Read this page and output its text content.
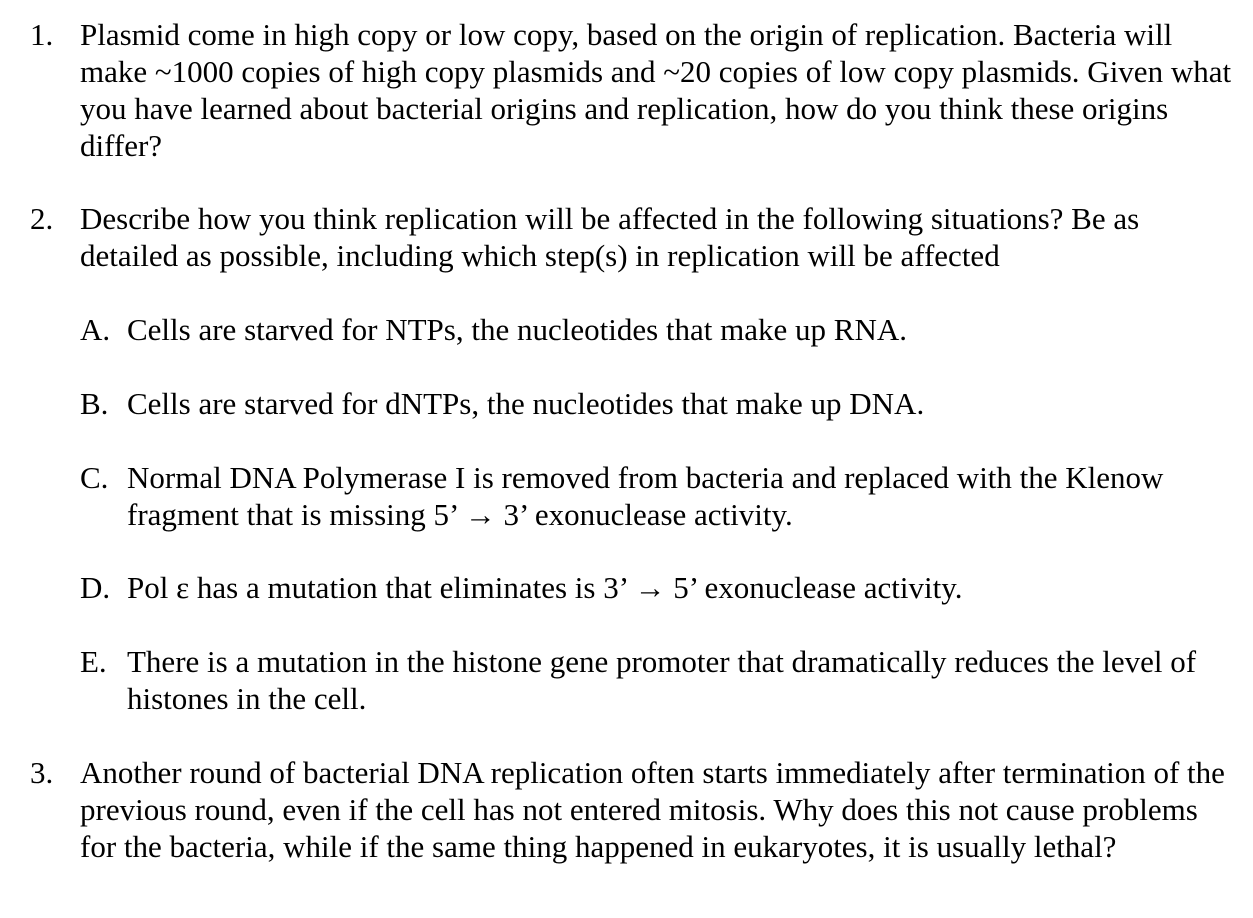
1. Plasmid come in high copy or low copy, based on the origin of replication. Bacteria will make ~1000 copies of high copy plasmids and ~20 copies of low copy plasmids. Given what you have learned about bacterial origins and replication, how do you think these origins differ?
2. Describe how you think replication will be affected in the following situations? Be as detailed as possible, including which step(s) in replication will be affected
A. Cells are starved for NTPs, the nucleotides that make up RNA.
B. Cells are starved for dNTPs, the nucleotides that make up DNA.
C. Normal DNA Polymerase I is removed from bacteria and replaced with the Klenow fragment that is missing 5’ → 3’ exonuclease activity.
D. Pol ε has a mutation that eliminates is 3’ → 5’ exonuclease activity.
E. There is a mutation in the histone gene promoter that dramatically reduces the level of histones in the cell.
3. Another round of bacterial DNA replication often starts immediately after termination of the previous round, even if the cell has not entered mitosis. Why does this not cause problems for the bacteria, while if the same thing happened in eukaryotes, it is usually lethal?
